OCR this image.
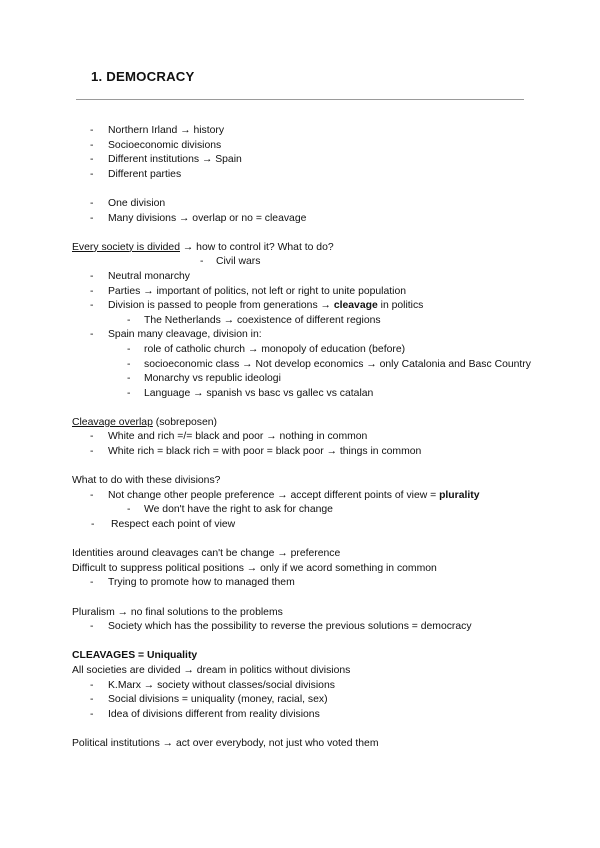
1. DEMOCRACY
- Northern Irland → history
- Socioeconomic divisions
- Different institutions → Spain
- Different parties
- One division
- Many divisions → overlap or no = cleavage
Every society is divided → how to control it? What to do?
- Civil wars
- Neutral monarchy
- Parties → important of politics, not left or right to unite population
- Division is passed to people from generations → cleavage in politics
- The Netherlands → coexistence of different regions
- Spain many cleavage, division in:
- role of catholic church → monopoly of education (before)
- socioeconomic class → Not develop economics → only Catalonia and Basc Country
- Monarchy vs republic ideologi
- Language → spanish vs basc vs gallec vs catalan
Cleavage overlap (sobreposen)
- White and rich =/= black and poor → nothing in common
- White rich = black rich = with poor = black poor → things in common
What to do with these divisions?
- Not change other people preference → accept different points of view = plurality
- We don't have the right to ask for change
- Respect each point of view
Identities around cleavages can't be change → preference
Difficult to suppress political positions → only if we acord something in common
- Trying to promote how to managed them
Pluralism → no final solutions to the problems
- Society which has the possibility to reverse the previous solutions = democracy
CLEAVAGES = Uniquality
All societies are divided → dream in politics without divisions
- K.Marx → society without classes/social divisions
- Social divisions = uniquality (money, racial, sex)
- Idea of divisions different from reality divisions
Political institutions → act over everybody, not just who voted them
